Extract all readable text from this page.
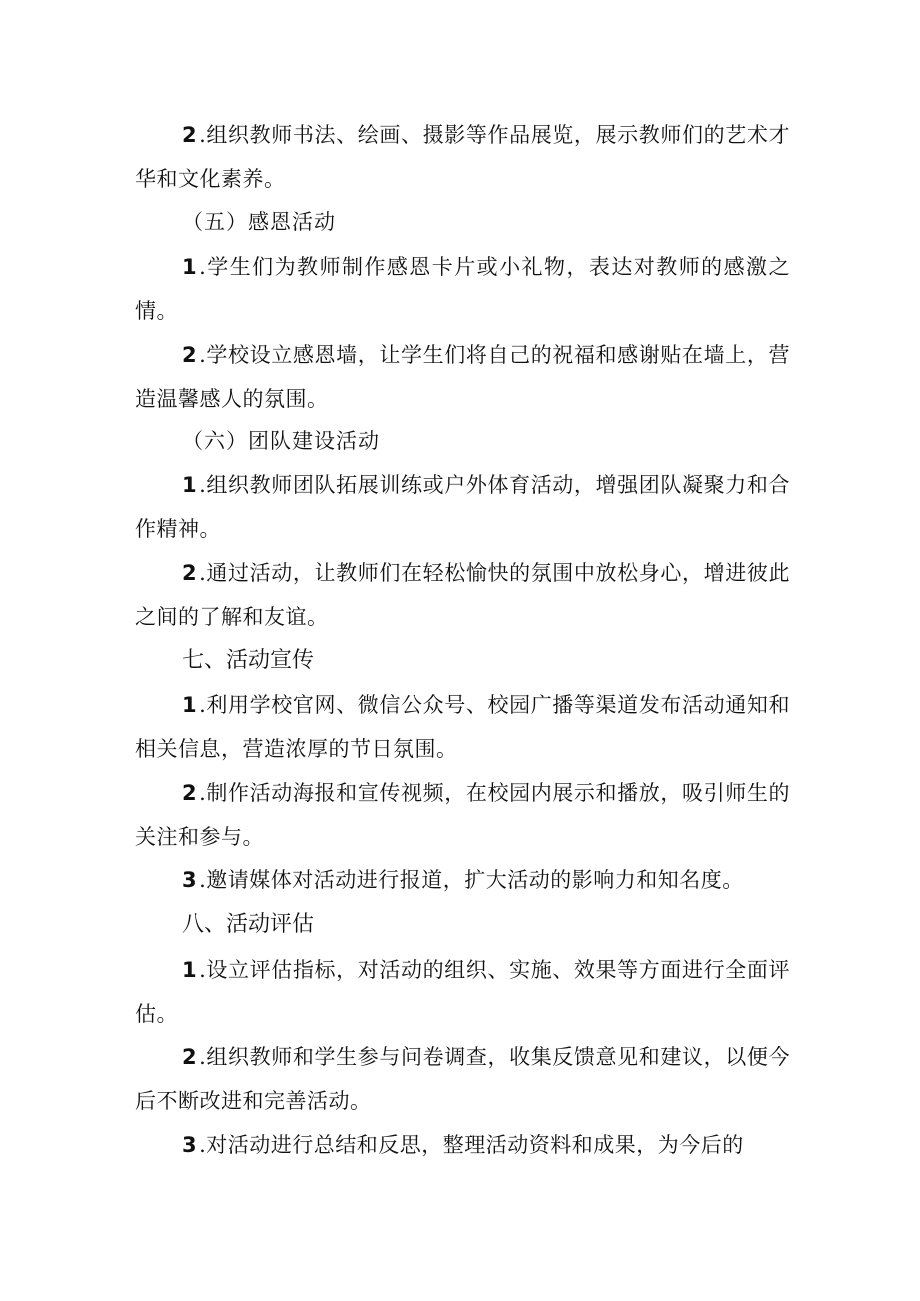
2.组织教师书法、绘画、摄影等作品展览，展示教师们的艺术才华和文化素养。

（五）感恩活动

1.学生们为教师制作感恩卡片或小礼物，表达对教师的感激之情。

2.学校设立感恩墙，让学生们将自己的祝福和感谢贴在墙上，营造温馨感人的氛围。

（六）团队建设活动

1.组织教师团队拓展训练或户外体育活动，增强团队凝聚力和合作精神。

2.通过活动，让教师们在轻松愉快的氛围中放松身心，增进彼此之间的了解和友谊。

七、活动宣传

1.利用学校官网、微信公众号、校园广播等渠道发布活动通知和相关信息，营造浓厚的节日氛围。

2.制作活动海报和宣传视频，在校园内展示和播放，吸引师生的关注和参与。

3.邀请媒体对活动进行报道，扩大活动的影响力和知名度。

八、活动评估

1.设立评估指标，对活动的组织、实施、效果等方面进行全面评估。

2.组织教师和学生参与问卷调查，收集反馈意见和建议，以便今后不断改进和完善活动。

3.对活动进行总结和反思，整理活动资料和成果，为今后的
